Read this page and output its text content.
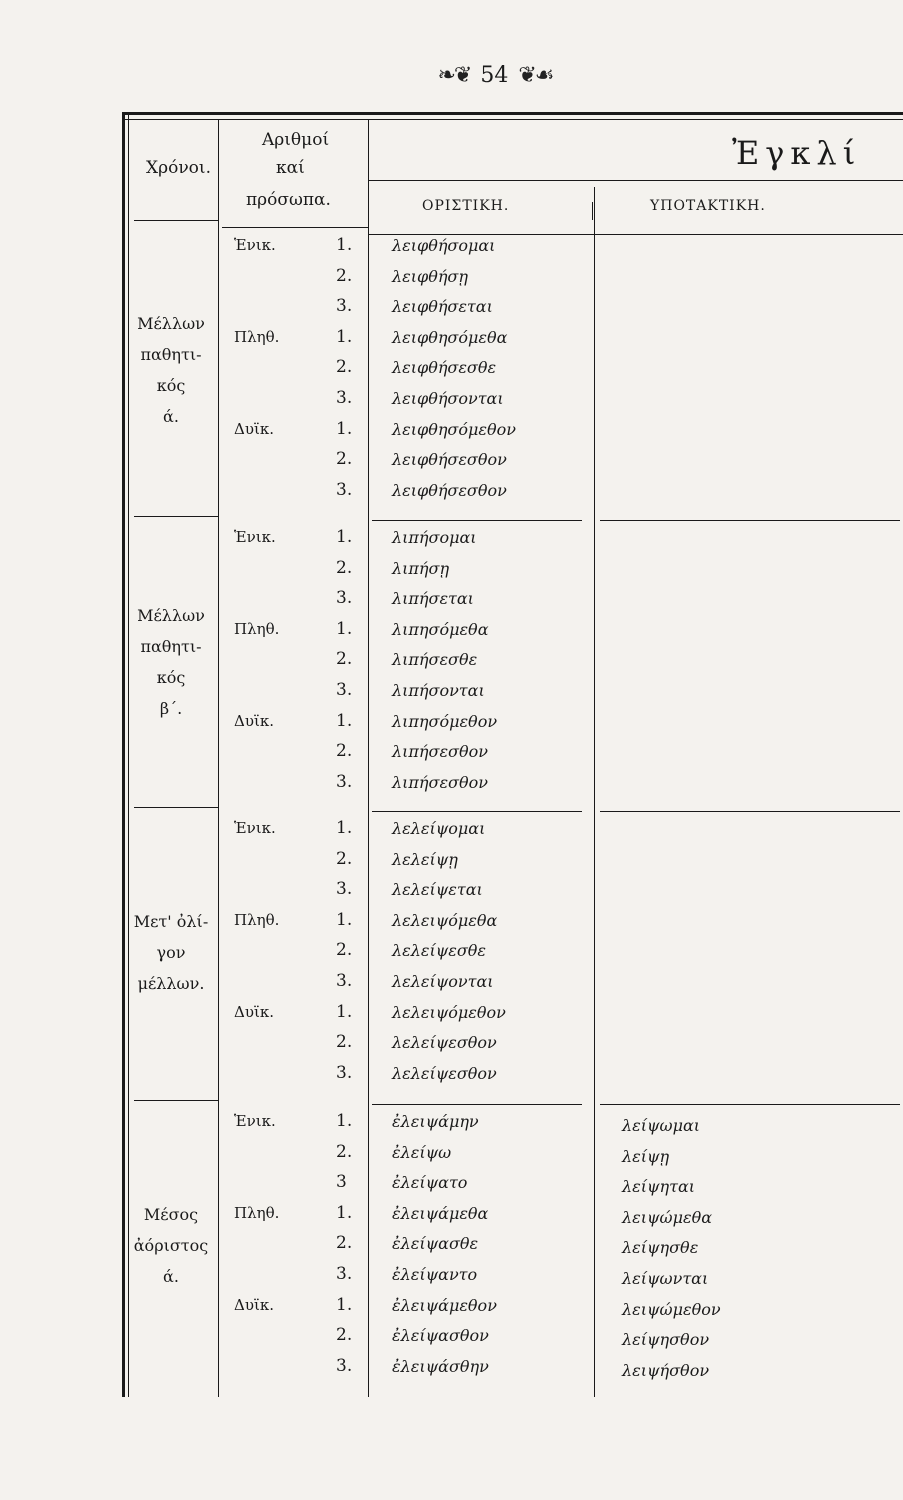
❧❦ 54 ❦☙
Χρόνοι.
Αριθμοί
καί
πρόσωπα.
Ἐγκλί
ΟΡΙΣΤΙΚΗ.	ΥΠΟΤΑΚΤΙΚΗ.
Μέλλων
παθητι-
κός
ά.
Ἑνικ.	1.	λειφθήσομαι
2.	λειφθήσῃ
3.	λειφθήσεται
Πληθ.	1.	λειφθησόμεθα
2.	λειφθήσεσθε
3.	λειφθήσονται
Δυϊκ.	1.	λειφθησόμεθον
2.	λειφθήσεσθον
3.	λειφθήσεσθον
Μέλλων
παθητι-
κός
β΄.
Ἑνικ.	1.	λιπήσομαι
2.	λιπήσῃ
3.	λιπήσεται
Πληθ.	1.	λιπησόμεθα
2.	λιπήσεσθε
3.	λιπήσονται
Δυϊκ.	1.	λιπησόμεθον
2.	λιπήσεσθον
3.	λιπήσεσθον
Μετ' ὀλί-
γον
μέλλων.
Ἑνικ.	1.	λελείψομαι
2.	λελείψῃ
3.	λελείψεται
Πληθ.	1.	λελειψόμεθα
2.	λελείψεσθε
3.	λελείψονται
Δυϊκ.	1.	λελειψόμεθον
2.	λελείψεσθον
3.	λελείψεσθον
Μέσος
ἀόριστος
ά.
Ἑνικ.	1.	ἐλειψάμην	λείψωμαι
2.	ἐλείψω	λείψῃ
3	ἐλείψατο	λείψηται
Πληθ.	1.	ἐλειψάμεθα	λειψώμεθα
2.	ἐλείψασθε	λείψησθε
3.	ἐλείψαντο	λείψωνται
Δυϊκ.	1.	ἐλειψάμεθον	λειψώμεθον
2.	ἐλείψασθον	λείψησθον
3.	ἐλειψάσθην	λειψήσθον
